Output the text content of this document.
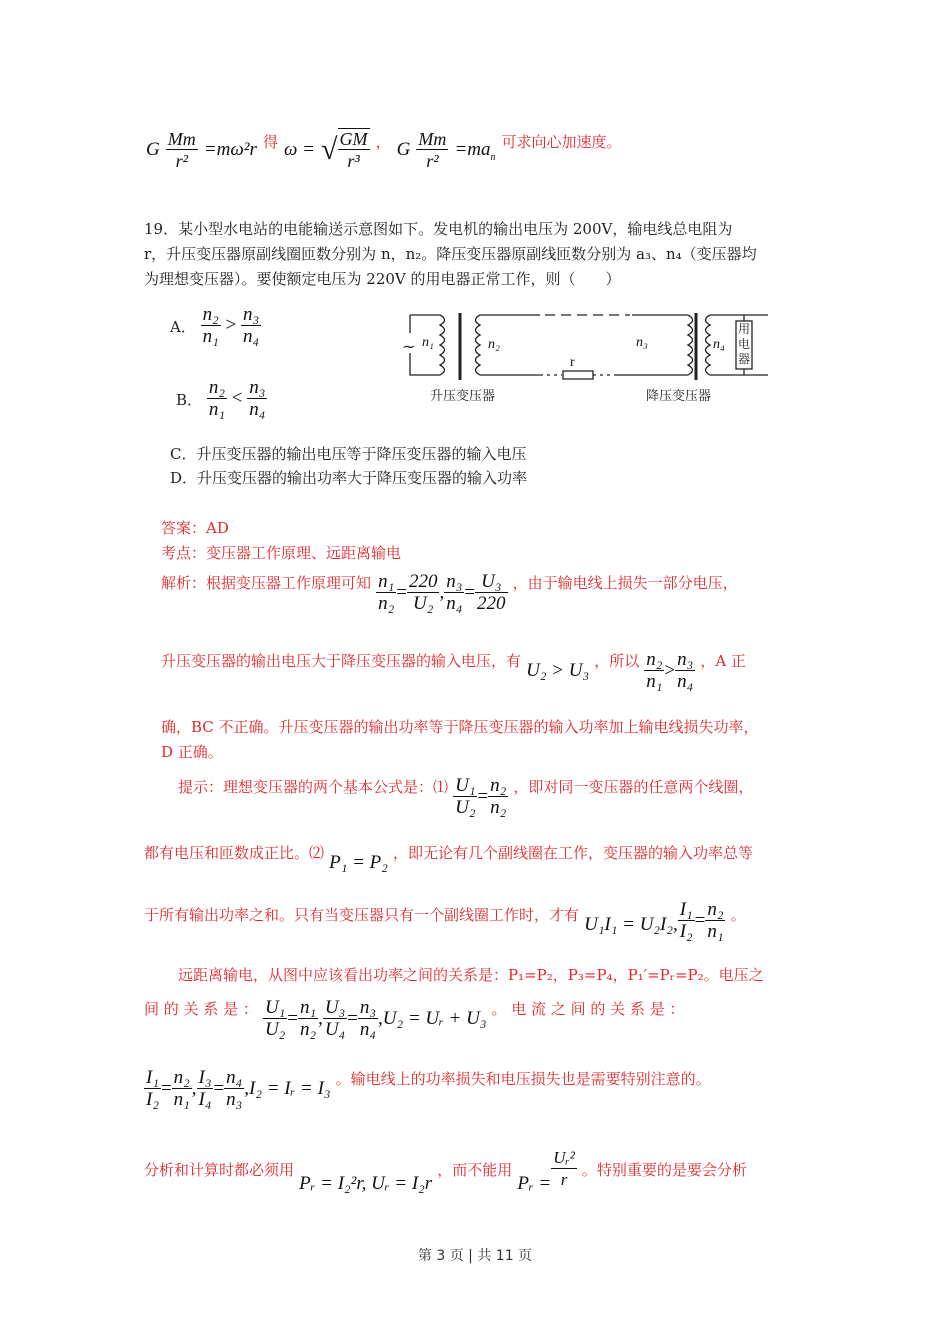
G $\frac{Mm}{\text{r²}} =m\omega^2r$ $^得$ ω = √ $\frac{GM}{\text{r³}} ^,$ G $\frac{Mm}{\text{r²}} =ma_n$ $^{可求向心加速度。}$
19．某小型水电站的电能输送示意图如下。发电机的输出电压为 200V，输电线总电阻为
r，升压变压器原副线圈匝数分别为 n，n₂。降压变压器原副线匝数分别为 a₃、n₄（变压器均
为理想变压器）。要使额定电压为 220V 的用电器正常工作，则（　　）
A． $\frac{\text{n₂}}{\text{n₁}} > \frac{\text{n₃}}{\text{n₄}}$
B． $\frac{\text{n₂}}{\text{n₁}} < \frac{\text{n₃}}{\text{n₄}}$
~ n₁	n₂
r
n₃	n₄
用电器
升压变压器	降压变压器
C．升压变压器的输出电压等于降压变压器的输入电压
D．升压变压器的输出功率大于降压变压器的输入功率
答案：AD
考点：变压器工作原理、远距离输电
解析：根据变压器工作原理可知 $\frac{\text{n₁}}{\text{n₂}} = \frac{220}{\text{U₂}}$ , $\frac{\text{n₃}}{\text{n₄}} = \frac{\text{U₃}}{220}$ ，由于输电线上损失一部分电压，
升压变压器的输出电压大于降压变压器的输入电压，有 U₂ > U₃ ，所以 $\frac{\text{n₂}}{\text{n₁}} > \frac{\text{n₃}}{\text{n₄}}$ ，A 正
确，BC 不正确。升压变压器的输出功率等于降压变压器的输入功率加上输电线损失功率，
D 正确。
提示：理想变压器的两个基本公式是：⑴ $\frac{\text{U₁}}{\text{U₂}} = \frac{\text{n₂}}{\text{n₂}}$ ，即对同一变压器的任意两个线圈，
都有电压和匝数成正比。⑵ P₁ = P₂ ，即无论有几个副线圈在工作，变压器的输入功率总等
于所有输出功率之和。只有当变压器只有一个副线圈工作时，才有 U₁I₁ = U₂I₂, $\frac{\text{I₁}}{\text{I₂}} = \frac{\text{n₂}}{\text{n₁}}$ 。
远距离输电，从图中应该看出功率之间的关系是：P₁=P₂，P₃=P₄，P₁′=Pᵣ=P₂。电压之
间 的 关 系 是 ： $\frac{\text{U₁}}{\text{U₂}} = \frac{\text{n₁}}{\text{n₂}}$ , $\frac{\text{U₃}}{\text{U₄}} = \frac{\text{n₃}}{\text{n₄}} ,U_2$ = Uᵣ + U₃ 。 电 流 之 间 的 关 系 是 ：
$\frac{\text{I₁}}{\text{I₂}} = \frac{\text{n₂}}{\text{n₁}}$ , $\frac{\text{I₃}}{\text{I₄}} = \frac{\text{n₄}}{\text{n₃}} ,I_2$ = Iᵣ = I₃ 。输电线上的功率损失和电压损失也是需要特别注意的。
分析和计算时都必须用 Pᵣ = I₂²r, Uᵣ = I₂r ，而不能用 Pᵣ = $\frac{\text{Uᵣ²}}{r}$ 。特别重要的是要会分析
第 3 页 | 共 11 页
